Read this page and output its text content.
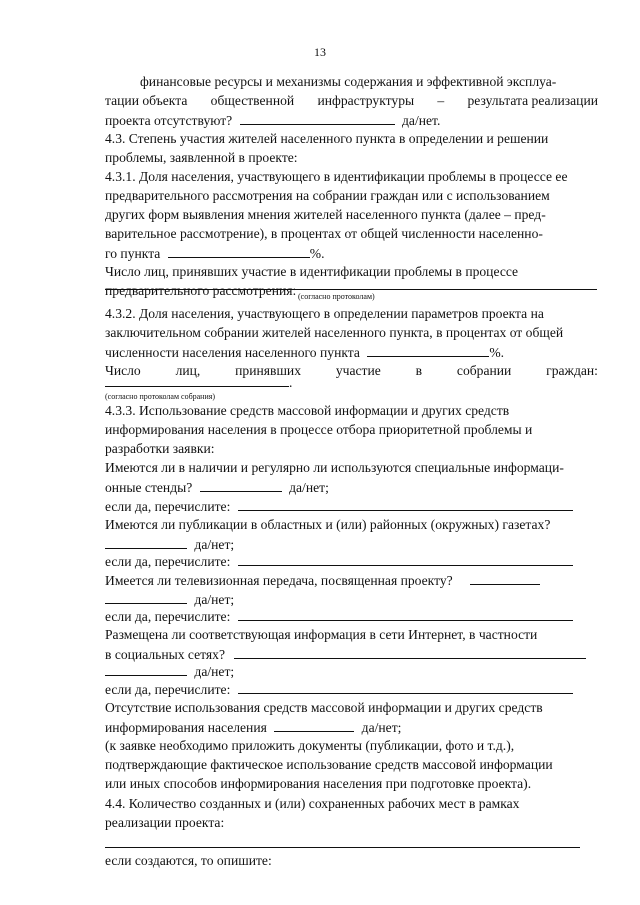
13
финансовые ресурсы и механизмы содержания и эффективной эксплуа-
тации объекта общественной инфраструктуры – результата реализации
проекта отсутствуют?	да/нет.
4.3. Степень участия жителей населенного пункта в определении и решении
проблемы, заявленной в проекте:
4.3.1. Доля населения, участвующего в идентификации проблемы в процессе ее
предварительного рассмотрения на собрании граждан или с использованием
других форм выявления мнения жителей населенного пункта (далее – пред-
варительное рассмотрение), в процентах от общей численности населенно-
го пункта	%.
Число лиц, принявших участие в идентификации проблемы в процессе
предварительного рассмотрения: (согласно протоколам)
4.3.2. Доля населения, участвующего в определении параметров проекта на
заключительном собрании жителей населенного пункта, в процентах от общей
численности населения населенного пункта	%.
Число	лиц,	принявших	участие	в	собрании	граждан:
.
(согласно протоколам собрания)
4.3.3. Использование средств массовой информации и других средств
информирования населения в процессе отбора приоритетной проблемы и
разработки заявки:
Имеются ли в наличии и регулярно ли используются специальные информаци-
онные стенды?	да/нет;
если да, перечислите:
Имеются ли публикации в областных и (или) районных (окружных) газетах?
да/нет;
если да, перечислите:
Имеется ли телевизионная передача, посвященная проекту?
да/нет;
если да, перечислите:
Размещена ли соответствующая информация в сети Интернет, в частности
в социальных сетях?
да/нет;
если да, перечислите:
Отсутствие использования средств массовой информации и других средств
информирования населения	да/нет;
(к заявке необходимо приложить документы (публикации, фото и т.д.),
подтверждающие фактическое использование средств массовой информации
или иных способов информирования населения при подготовке проекта).
4.4. Количество созданных и (или) сохраненных рабочих мест в рамках
реализации проекта:
если создаются, то опишите:
